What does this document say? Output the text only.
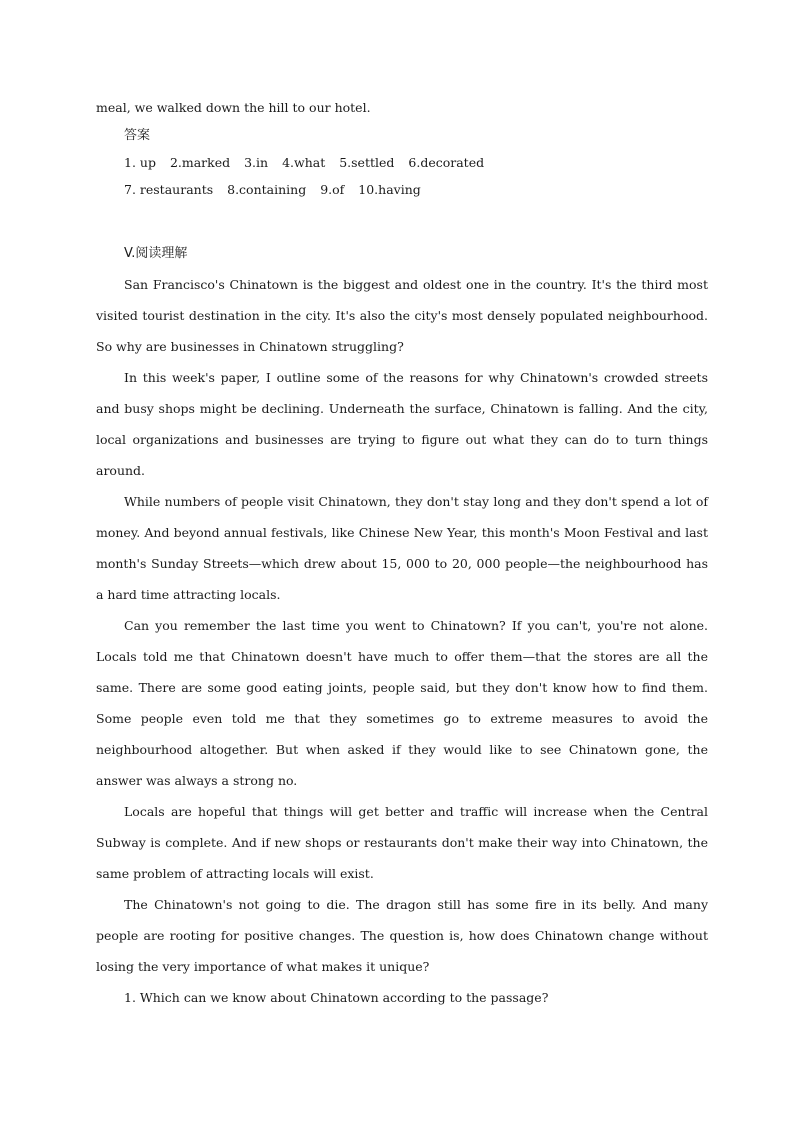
meal, we walked down the hill to our hotel.

答案

1. up 2.marked 3.in 4.what 5.settled 6.decorated

7. restaurants 8.containing 9.of 10.having

V.阅读理解

San Francisco's Chinatown is the biggest and oldest one in the country. It's the third most visited tourist destination in the city. It's also the city's most densely populated neighbourhood. So why are businesses in Chinatown struggling?

In this week's paper, I outline some of the reasons for why Chinatown's crowded streets and busy shops might be declining. Underneath the surface, Chinatown is falling. And the city, local organizations and businesses are trying to figure out what they can do to turn things around.

While numbers of people visit Chinatown, they don't stay long and they don't spend a lot of money. And beyond annual festivals, like Chinese New Year, this month's Moon Festival and last month's Sunday Streets—which drew about 15, 000 to 20, 000 people—the neighbourhood has a hard time attracting locals.

Can you remember the last time you went to Chinatown? If you can't, you're not alone. Locals told me that Chinatown doesn't have much to offer them—that the stores are all the same. There are some good eating joints, people said, but they don't know how to find them. Some people even told me that they sometimes go to extreme measures to avoid the neighbourhood altogether. But when asked if they would like to see Chinatown gone, the answer was always a strong no.

Locals are hopeful that things will get better and traffic will increase when the Central Subway is complete. And if new shops or restaurants don't make their way into Chinatown, the same problem of attracting locals will exist.

The Chinatown's not going to die. The dragon still has some fire in its belly. And many people are rooting for positive changes. The question is, how does Chinatown change without losing the very importance of what makes it unique?

1. Which can we know about Chinatown according to the passage?
